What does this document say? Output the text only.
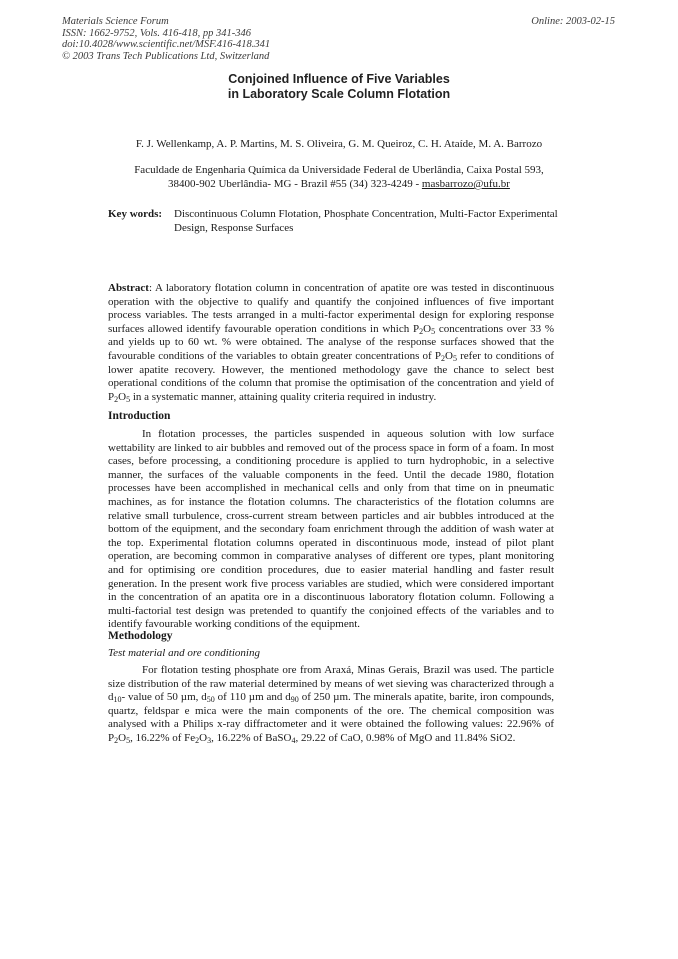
Materials Science Forum
ISSN: 1662-9752, Vols. 416-418, pp 341-346
doi:10.4028/www.scientific.net/MSF.416-418.341
© 2003 Trans Tech Publications Ltd, Switzerland
Online: 2003-02-15
Conjoined Influence of Five Variables
in Laboratory Scale Column Flotation
F. J. Wellenkamp, A. P. Martins, M. S. Oliveira, G. M. Queiroz, C. H. Ataíde, M. A. Barrozo
Faculdade de Engenharia Química da Universidade Federal de Uberlândia, Caixa Postal 593,
38400-902 Uberlândia- MG - Brazil #55 (34) 323-4249 - masbarrozo@ufu.br
Key words: Discontinuous Column Flotation, Phosphate Concentration, Multi-Factor Experimental Design, Response Surfaces
Abstract: A laboratory flotation column in concentration of apatite ore was tested in discontinuous operation with the objective to qualify and quantify the conjoined influences of five important process variables. The tests arranged in a multi-factor experimental design for exploring response surfaces allowed identify favourable operation conditions in which $P_2O_5$ concentrations over 33 % and yields up to 60 wt. % were obtained. The analyse of the response surfaces showed that the favourable conditions of the variables to obtain greater concentrations of $P_2O_5$ refer to conditions of lower apatite recovery. However, the mentioned methodology gave the chance to select best operational conditions of the column that promise the optimisation of the concentration and yield of $P_2O_5$ in a systematic manner, attaining quality criteria required in industry.
Introduction
In flotation processes, the particles suspended in aqueous solution with low surface wettability are linked to air bubbles and removed out of the process space in form of a foam. In most cases, before processing, a conditioning procedure is applied to turn hydrophobic, in a selective manner, the surfaces of the valuable components in the feed. Until the decade 1980, flotation processes have been accomplished in mechanical cells and only from that time on in pneumatic machines, as for instance the flotation columns. The characteristics of the flotation columns are relative small turbulence, cross-current stream between particles and air bubbles introduced at the bottom of the equipment, and the secondary foam enrichment through the addition of wash water at the top. Experimental flotation columns operated in discontinuous mode, instead of pilot plant operation, are becoming common in comparative analyses of different ore types, plant monitoring and for optimising ore condition procedures, due to easier material handling and faster result generation. In the present work five process variables are studied, which were considered important in the concentration of an apatita ore in a discontinuous laboratory flotation column. Following a multi-factorial test design was pretended to quantify the conjoined effects of the variables and to identify favourable working conditions of the equipment.
Methodology
Test material and ore conditioning
For flotation testing phosphate ore from Araxá, Minas Gerais, Brazil was used. The particle size distribution of the raw material determined by means of wet sieving was characterized through a $d_{10}-$ value of 50 µm, $d_{50}$ of 110 µm and $d_{90}$ of 250 µm. The minerals apatite, barite, iron compounds, quartz, feldspar e mica were the main components of the ore. The chemical composition was analysed with a Philips x-ray diffractometer and it were obtained the following values: 22.96% of $P_2O_5$, 16.22% of $Fe_2O_3$, 16.22% of BaSO$_4$, 29.22 of CaO, 0.98% of MgO and 11.84% SiO2.
